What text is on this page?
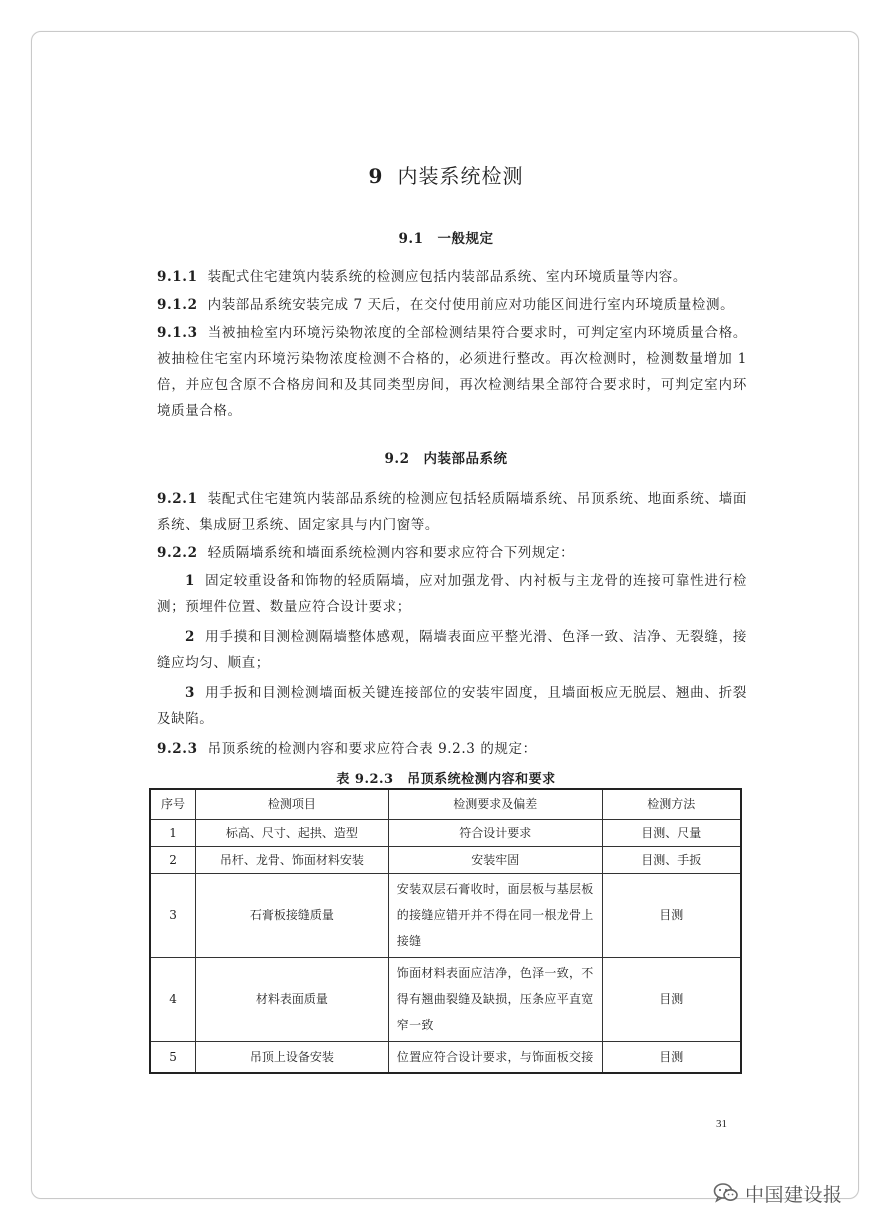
9 内装系统检测
9.1 一般规定
9.1.1 装配式住宅建筑内装系统的检测应包括内装部品系统、室内环境质量等内容。
9.1.2 内装部品系统安装完成 7 天后，在交付使用前应对功能区间进行室内环境质量检测。
9.1.3 当被抽检室内环境污染物浓度的全部检测结果符合要求时，可判定室内环境质量合格。被抽检住宅室内环境污染物浓度检测不合格的，必须进行整改。再次检测时，检测数量增加 1 倍，并应包含原不合格房间和及其同类型房间，再次检测结果全部符合要求时，可判定室内环境质量合格。
9.2 内装部品系统
9.2.1 装配式住宅建筑内装部品系统的检测应包括轻质隔墙系统、吊顶系统、地面系统、墙面系统、集成厨卫系统、固定家具与内门窗等。
9.2.2 轻质隔墙系统和墙面系统检测内容和要求应符合下列规定：
1 固定较重设备和饰物的轻质隔墙，应对加强龙骨、内衬板与主龙骨的连接可靠性进行检测；预埋件位置、数量应符合设计要求；
2 用手摸和目测检测隔墙整体感观，隔墙表面应平整光滑、色泽一致、洁净、无裂缝，接缝应均匀、顺直；
3 用手扳和目测检测墙面板关键连接部位的安装牢固度，且墙面板应无脱层、翘曲、折裂及缺陷。
9.2.3 吊顶系统的检测内容和要求应符合表 9.2.3 的规定：
表 9.2.3　吊顶系统检测内容和要求
序号	检测项目	检测要求及偏差	检测方法
1	标高、尺寸、起拱、造型	符合设计要求	目测、尺量
2	吊杆、龙骨、饰面材料安装	安装牢固	目测、手扳
3	石膏板接缝质量	安装双层石膏收时，面层板与基层板的接缝应错开并不得在同一根龙骨上接缝	目测
4	材料表面质量	饰面材料表面应洁净，色泽一致，不得有翘曲裂缝及缺损，压条应平直宽窄一致	目测
5	吊顶上设备安装	位置应符合设计要求，与饰面板交接	目测
31
中国建设报
